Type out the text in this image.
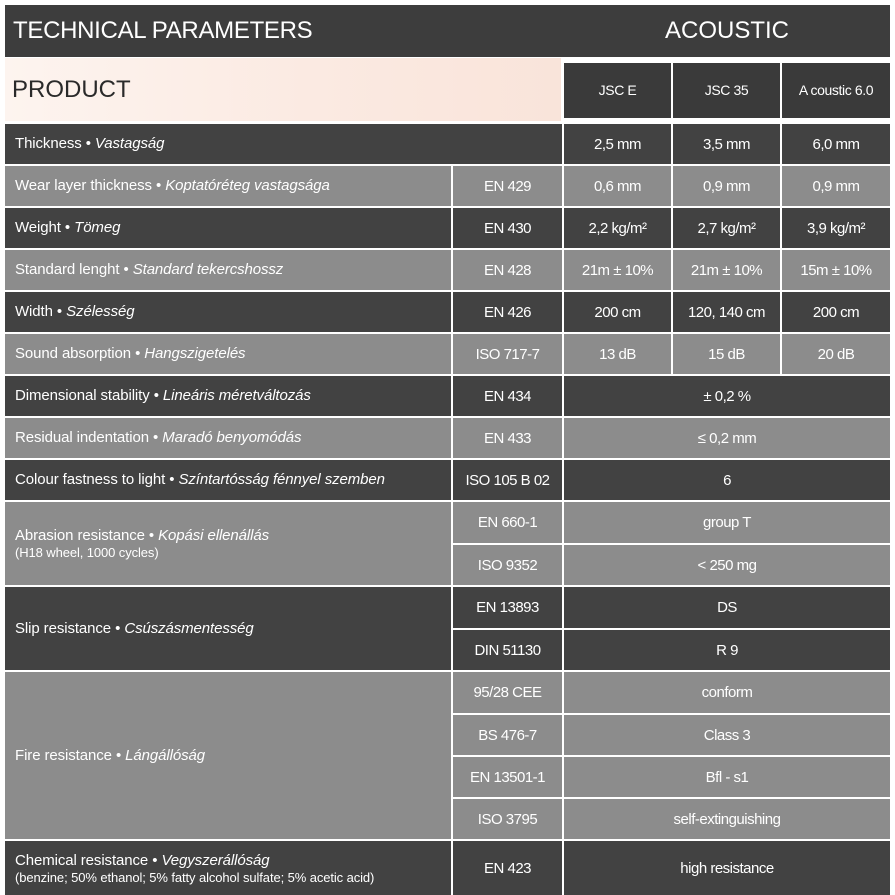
TECHNICAL PARAMETERS	ACOUSTIC
PRODUCT	JSC E	JSC 35	A coustic 6.0
Thickness • Vastagság	2,5 mm	3,5 mm	6,0 mm
Wear layer thickness • Koptatóréteg vastagsága	EN 429	0,6 mm	0,9 mm	0,9 mm
Weight • Tömeg	EN 430	2,2 kg/m²	2,7 kg/m²	3,9 kg/m²
Standard lenght • Standard tekercshossz	EN 428	21m ± 10%	21m ± 10%	15m ± 10%
Width • Szélesség	EN 426	200 cm	120, 140 cm	200 cm
Sound absorption • Hangszigetelés	ISO 717-7	13 dB	15 dB	20 dB
Dimensional stability • Lineáris méretváltozás	EN 434	± 0,2 %
Residual indentation • Maradó benyomódás	EN 433	≤ 0,2 mm
Colour fastness to light • Színtartósság fénnyel szemben	ISO 105 B 02	6
Abrasion resistance • Kopási ellenállás
(H18 wheel, 1000 cycles)
EN 660-1	group T
ISO 9352	< 250 mg
Slip resistance • Csúszásmentesség
EN 13893	DS
DIN 51130	R 9
Fire resistance • Lángállóság
95/28 CEE	conform
BS 476-7	Class 3
EN 13501-1	Bfl - s1
ISO 3795	self-extinguishing
Chemical resistance • Vegyszerállóság
(benzine; 50% ethanol; 5% fatty alcohol sulfate; 5% acetic acid)
EN 423	high resistance
